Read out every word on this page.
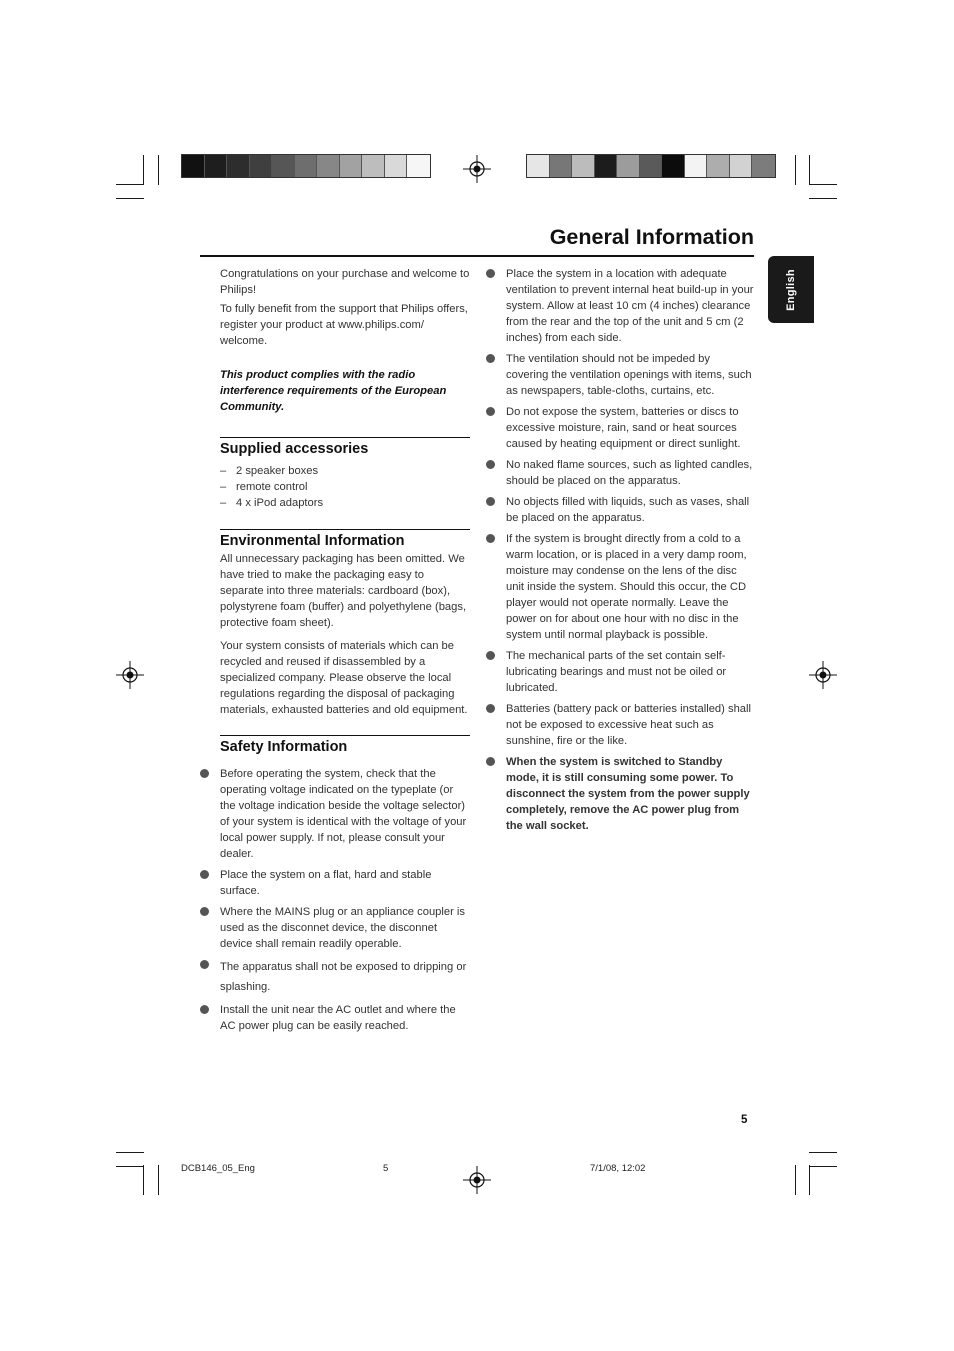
General Information
English

Congratulations on your purchase and welcome to Philips!

To fully benefit from the support that Philips offers, register your product at www.philips.com/ welcome.

This product complies with the radio interference requirements of the European Community.

Supplied accessories
– 2 speaker boxes
– remote control
– 4 x iPod adaptors
Environmental Information

All unnecessary packaging has been omitted. We have tried to make the packaging easy to separate into three materials: cardboard (box), polystyrene foam (buffer) and polyethylene (bags, protective foam sheet).

Your system consists of materials which can be recycled and reused if disassembled by a specialized company. Please observe the local regulations regarding the disposal of packaging materials, exhausted batteries and old equipment.

Safety Information
Before operating the system, check that the operating voltage indicated on the typeplate (or the voltage indication beside the voltage selector) of your system is identical with the voltage of your local power supply. If not, please consult your dealer.
Place the system on a flat, hard and stable surface.
Where the MAINS plug or an appliance coupler is used as the disconnet device, the disconnet device shall remain readily operable.
The apparatus shall not be exposed to dripping or splashing.
Install the unit near the AC outlet and where the AC power plug can be easily reached.
Place the system in a location with adequate ventilation to prevent internal heat build-up in your system. Allow at least 10 cm (4 inches) clearance from the rear and the top of the unit and 5 cm (2 inches) from each side.
The ventilation should not be impeded by covering the ventilation openings with items, such as newspapers, table-cloths, curtains, etc.
Do not expose the system, batteries or discs to excessive moisture, rain, sand or heat sources caused by heating equipment or direct sunlight.
No naked flame sources, such as lighted candles, should be placed on the apparatus.
No objects filled with liquids, such as vases, shall be placed on the apparatus.
If the system is brought directly from a cold to a warm location, or is placed in a very damp room, moisture may condense on the lens of the disc unit inside the system. Should this occur, the CD player would not operate normally. Leave the power on for about one hour with no disc in the system until normal playback is possible.
The mechanical parts of the set contain self-lubricating bearings and must not be oiled or lubricated.
Batteries (battery pack or batteries installed) shall not be exposed to excessive heat such as sunshine, fire or the like.
When the system is switched to Standby mode, it is still consuming some power. To disconnect the system from the power supply completely, remove the AC power plug from the wall socket.
5
DCB146_05_Eng	5	7/1/08, 12:02
